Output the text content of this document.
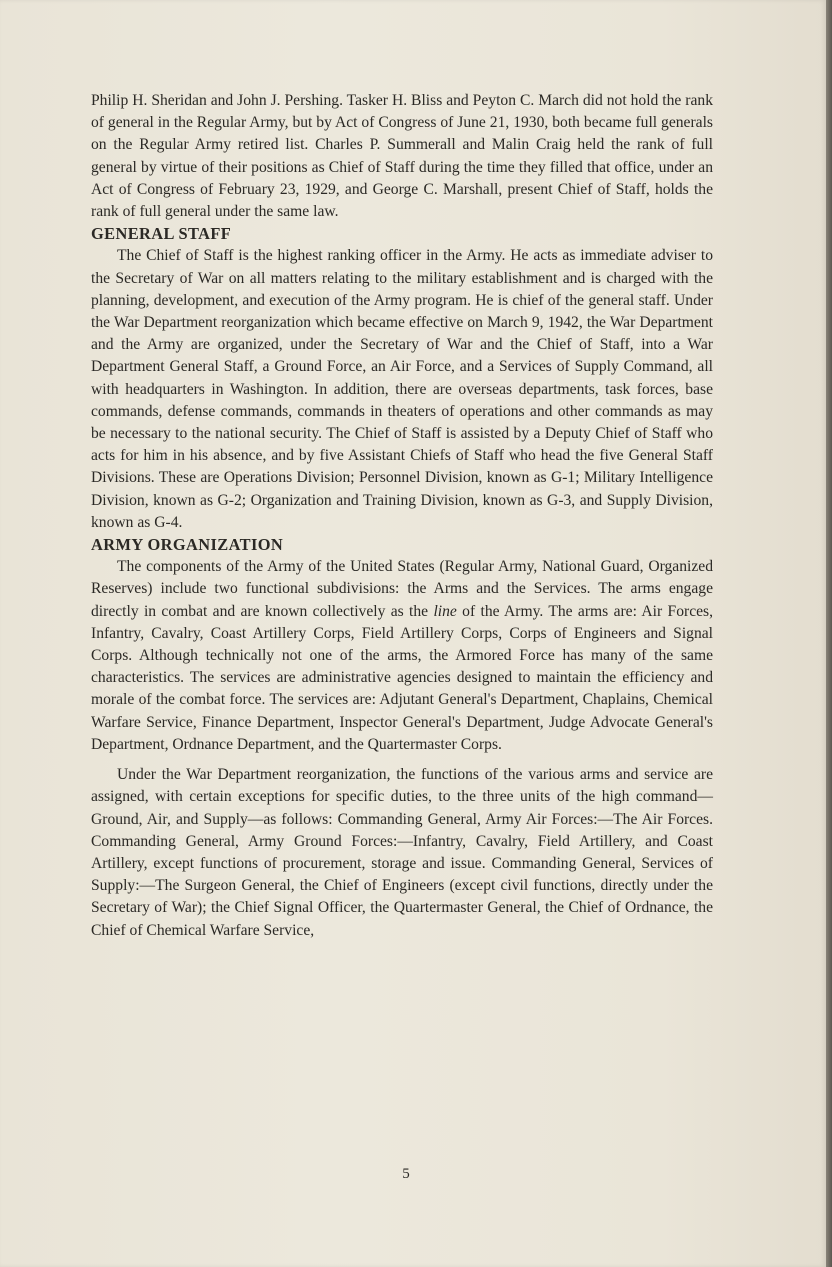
Philip H. Sheridan and John J. Pershing. Tasker H. Bliss and Peyton C. March did not hold the rank of general in the Regular Army, but by Act of Congress of June 21, 1930, both became full generals on the Regular Army retired list. Charles P. Summerall and Malin Craig held the rank of full general by virtue of their positions as Chief of Staff during the time they filled that office, under an Act of Congress of February 23, 1929, and George C. Marshall, present Chief of Staff, holds the rank of full general under the same law.

GENERAL STAFF

The Chief of Staff is the highest ranking officer in the Army. He acts as immediate adviser to the Secretary of War on all matters relating to the military establishment and is charged with the planning, development, and execution of the Army program. He is chief of the general staff. Under the War Department reorganization which became effective on March 9, 1942, the War Department and the Army are organized, under the Secretary of War and the Chief of Staff, into a War Department General Staff, a Ground Force, an Air Force, and a Services of Supply Command, all with headquarters in Washington. In addition, there are overseas departments, task forces, base commands, defense commands, commands in theaters of operations and other commands as may be necessary to the national security. The Chief of Staff is assisted by a Deputy Chief of Staff who acts for him in his absence, and by five Assistant Chiefs of Staff who head the five General Staff Divisions. These are Operations Division; Personnel Division, known as G-1; Military Intelligence Division, known as G-2; Organization and Training Division, known as G-3, and Supply Division, known as G-4.

ARMY ORGANIZATION

The components of the Army of the United States (Regular Army, National Guard, Organized Reserves) include two functional subdivisions: the Arms and the Services. The arms engage directly in combat and are known collectively as the line of the Army. The arms are: Air Forces, Infantry, Cavalry, Coast Artillery Corps, Field Artillery Corps, Corps of Engineers and Signal Corps. Although technically not one of the arms, the Armored Force has many of the same characteristics. The services are administrative agencies designed to maintain the efficiency and morale of the combat force. The services are: Adjutant General's Department, Chaplains, Chemical Warfare Service, Finance Department, Inspector General's Department, Judge Advocate General's Department, Ordnance Department, and the Quartermaster Corps.

Under the War Department reorganization, the functions of the various arms and service are assigned, with certain exceptions for specific duties, to the three units of the high command—Ground, Air, and Supply—as follows: Commanding General, Army Air Forces:—The Air Forces. Commanding General, Army Ground Forces:—Infantry, Cavalry, Field Artillery, and Coast Artillery, except functions of procurement, storage and issue. Commanding General, Services of Supply:—The Surgeon General, the Chief of Engineers (except civil functions, directly under the Secretary of War); the Chief Signal Officer, the Quartermaster General, the Chief of Ordnance, the Chief of Chemical Warfare Service,

5
